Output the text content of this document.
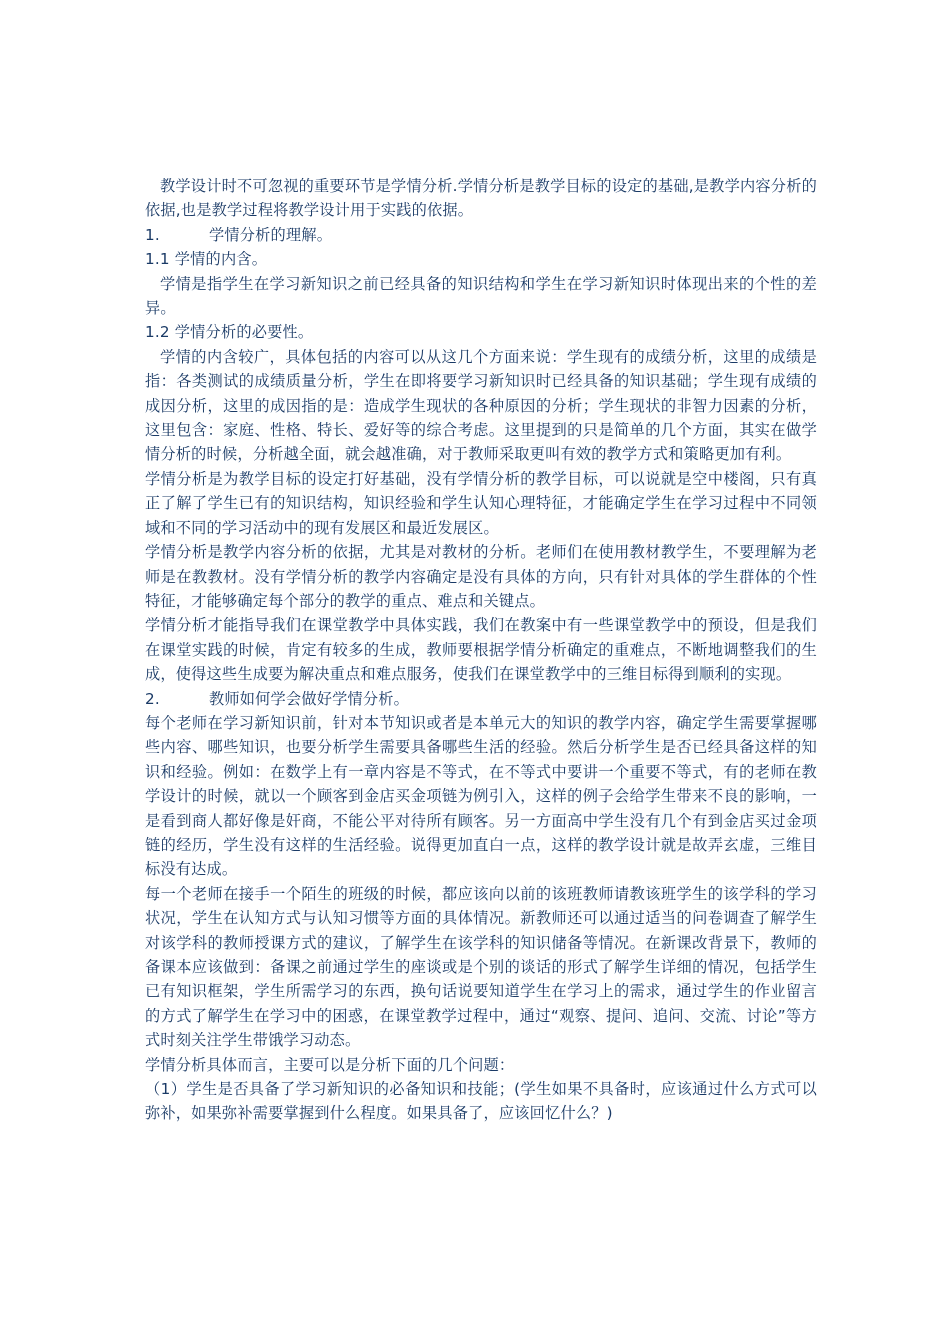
教学设计时不可忽视的重要环节是学情分析.学情分析是教学目标的设定的基础,是教学内容分析的依据,也是教学过程将教学设计用于实践的依据。

1.	学情分析的理解。

1.1 学情的内含。

学情是指学生在学习新知识之前已经具备的知识结构和学生在学习新知识时体现出来的个性的差异。

1.2 学情分析的必要性。

学情的内含较广，具体包括的内容可以从这几个方面来说：学生现有的成绩分析，这里的成绩是指：各类测试的成绩质量分析，学生在即将要学习新知识时已经具备的知识基础；学生现有成绩的成因分析，这里的成因指的是：造成学生现状的各种原因的分析；学生现状的非智力因素的分析，这里包含：家庭、性格、特长、爱好等的综合考虑。这里提到的只是简单的几个方面，其实在做学情分析的时候，分析越全面，就会越准确，对于教师采取更叫有效的教学方式和策略更加有利。

学情分析是为教学目标的设定打好基础，没有学情分析的教学目标，可以说就是空中楼阁，只有真正了解了学生已有的知识结构，知识经验和学生认知心理特征，才能确定学生在学习过程中不同领域和不同的学习活动中的现有发展区和最近发展区。

学情分析是教学内容分析的依据，尤其是对教材的分析。老师们在使用教材教学生，不要理解为老师是在教教材。没有学情分析的教学内容确定是没有具体的方向，只有针对具体的学生群体的个性特征，才能够确定每个部分的教学的重点、难点和关键点。

学情分析才能指导我们在课堂教学中具体实践，我们在教案中有一些课堂教学中的预设，但是我们在课堂实践的时候，肯定有较多的生成，教师要根据学情分析确定的重难点，不断地调整我们的生成，使得这些生成要为解决重点和难点服务，使我们在课堂教学中的三维目标得到顺利的实现。

2.	教师如何学会做好学情分析。

每个老师在学习新知识前，针对本节知识或者是本单元大的知识的教学内容，确定学生需要掌握哪些内容、哪些知识，也要分析学生需要具备哪些生活的经验。然后分析学生是否已经具备这样的知识和经验。例如：在数学上有一章内容是不等式，在不等式中要讲一个重要不等式，有的老师在教学设计的时候，就以一个顾客到金店买金项链为例引入，这样的例子会给学生带来不良的影响，一是看到商人都好像是奸商，不能公平对待所有顾客。另一方面高中学生没有几个有到金店买过金项链的经历，学生没有这样的生活经验。说得更加直白一点，这样的教学设计就是故弄玄虚，三维目标没有达成。

每一个老师在接手一个陌生的班级的时候，都应该向以前的该班教师请教该班学生的该学科的学习状况，学生在认知方式与认知习惯等方面的具体情况。新教师还可以通过适当的问卷调查了解学生对该学科的教师授课方式的建议，了解学生在该学科的知识储备等情况。在新课改背景下，教师的备课本应该做到：备课之前通过学生的座谈或是个别的谈话的形式了解学生详细的情况，包括学生已有知识框架，学生所需学习的东西，换句话说要知道学生在学习上的需求，通过学生的作业留言的方式了解学生在学习中的困惑，在课堂教学过程中，通过“观察、提问、追问、交流、讨论”等方式时刻关注学生带饿学习动态。

学情分析具体而言，主要可以是分析下面的几个问题：

（1）学生是否具备了学习新知识的必备知识和技能；(学生如果不具备时，应该通过什么方式可以弥补，如果弥补需要掌握到什么程度。如果具备了，应该回忆什么？)
